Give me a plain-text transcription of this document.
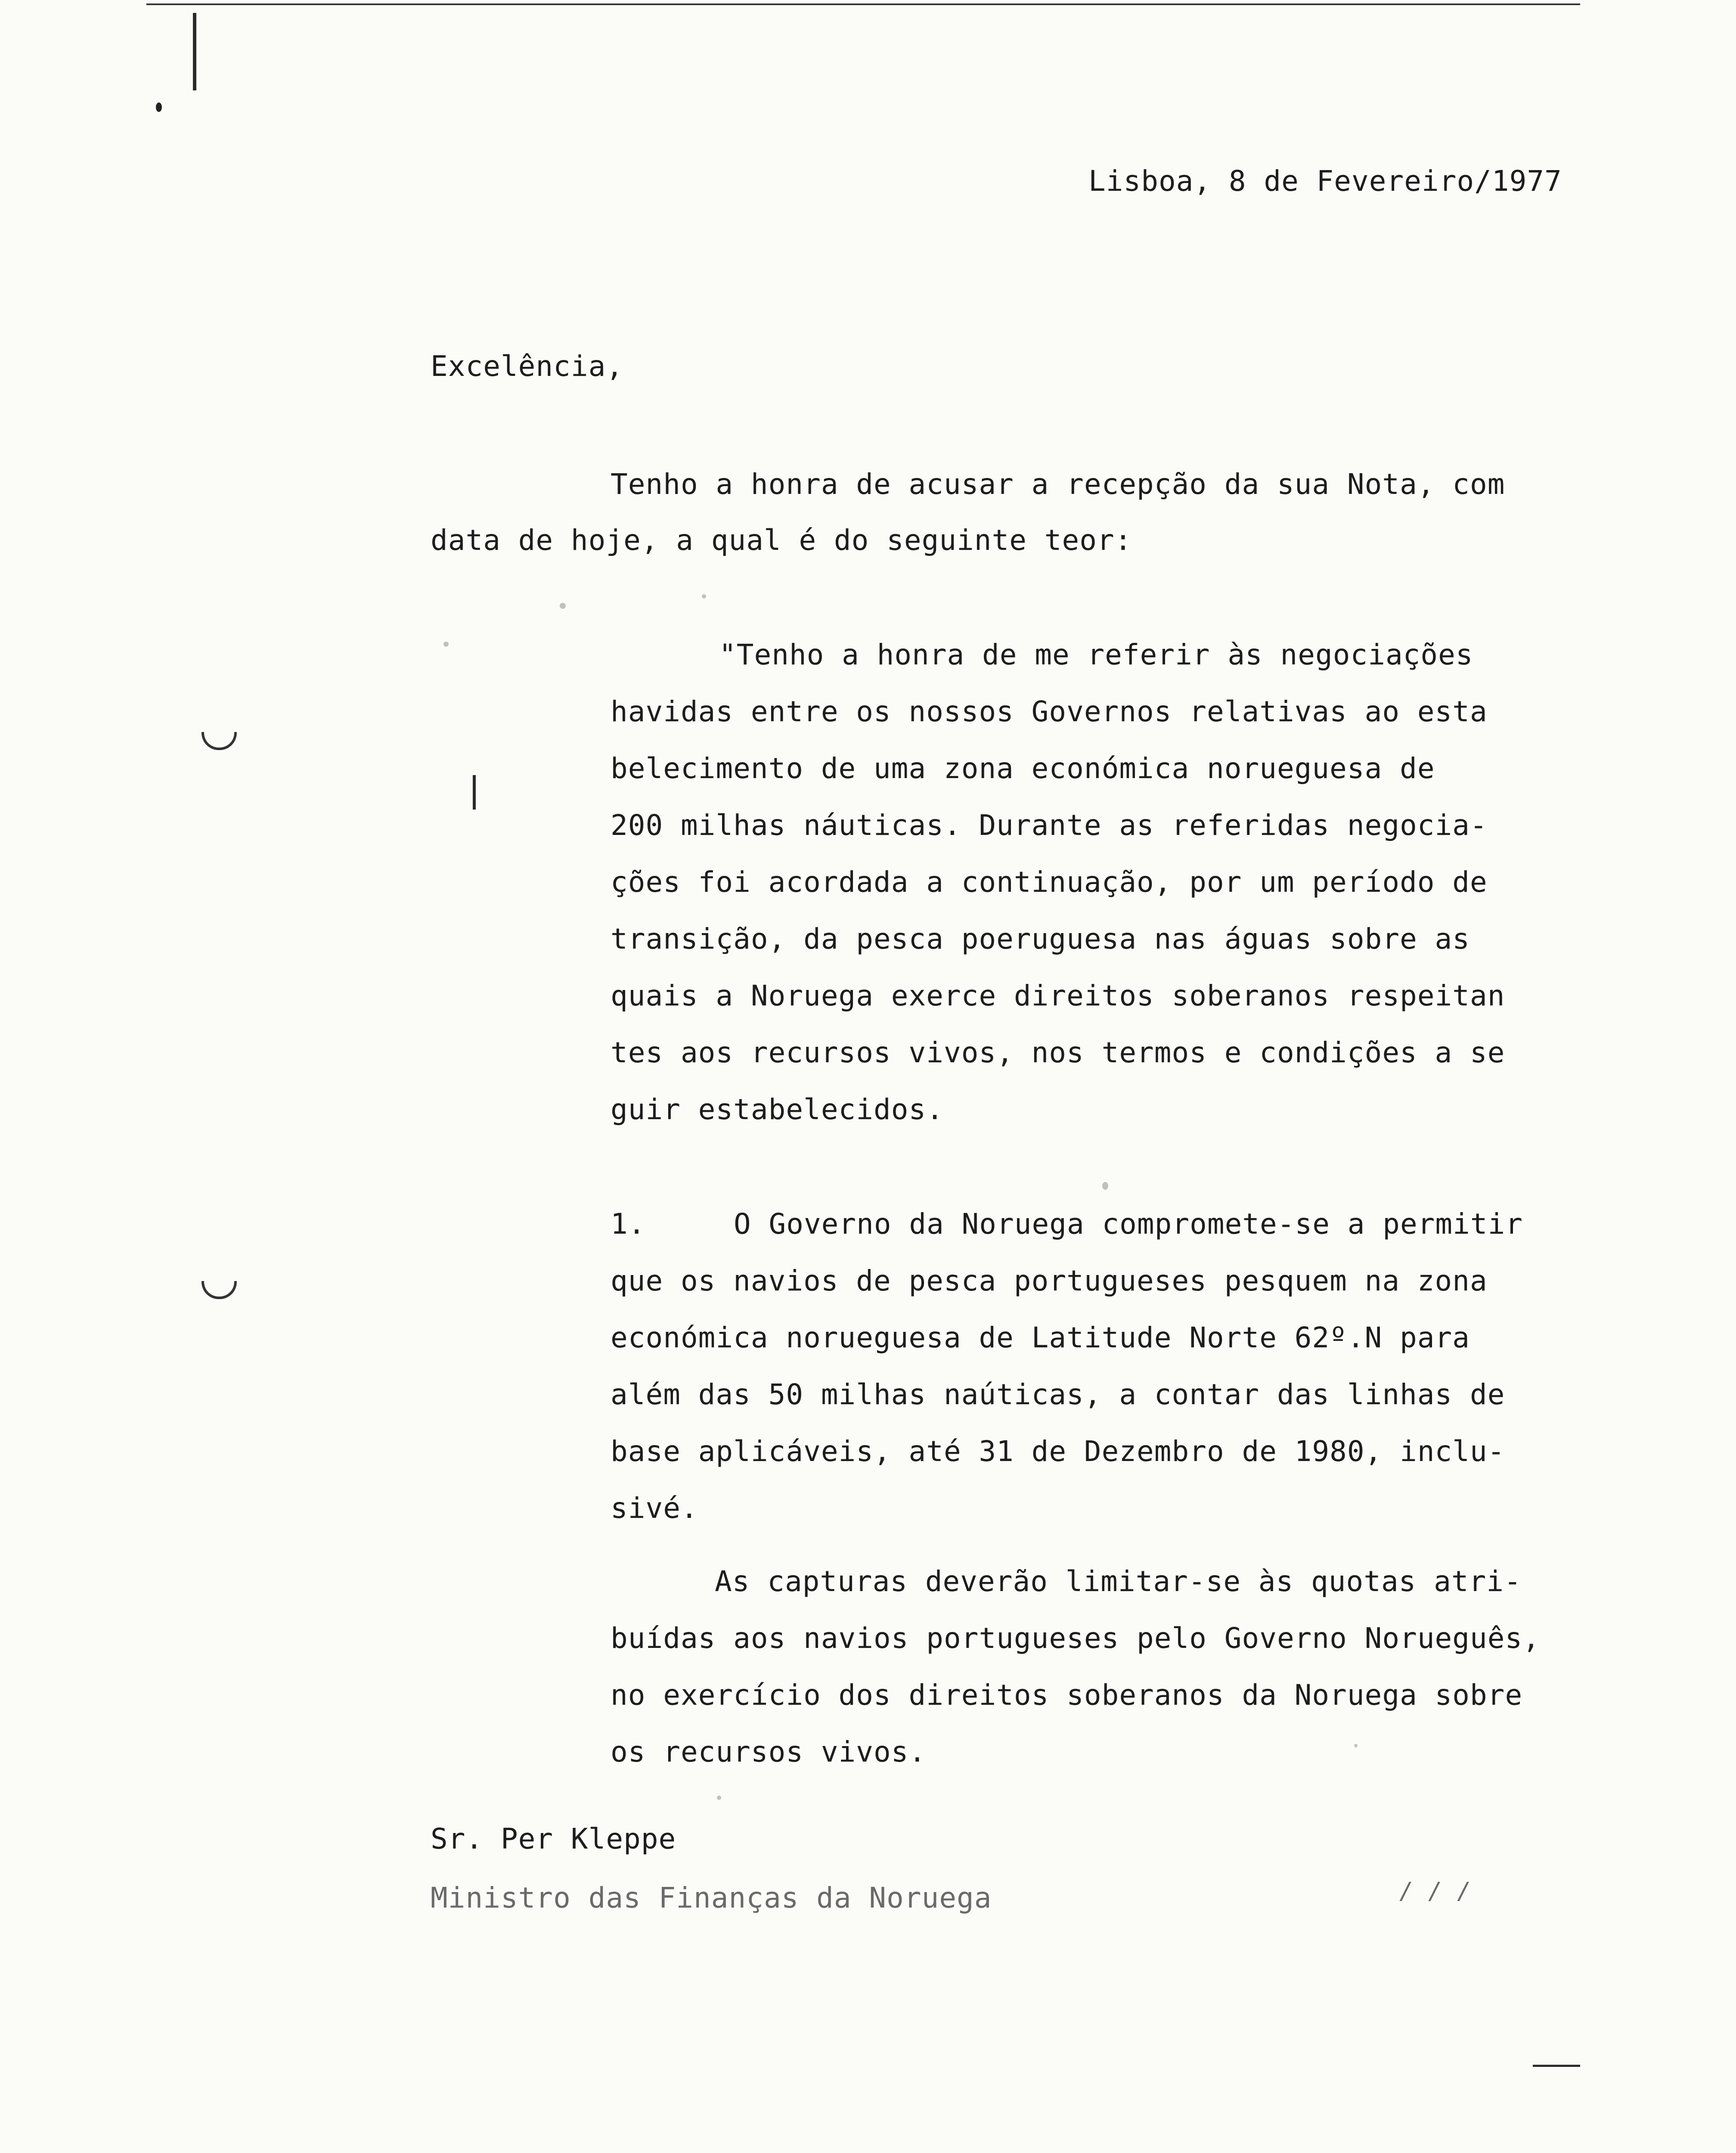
Lisboa, 8 de Fevereiro/1977
Excelência,
Tenho a honra de acusar a recepção da sua Nota, com
data de hoje, a qual é do seguinte teor:
"Tenho a honra de me referir às negociações
havidas entre os nossos Governos relativas ao esta
belecimento de uma zona económica norueguesa de
200 milhas náuticas. Durante as referidas negocia-
ções foi acordada a continuação, por um período de
transição, da pesca poeruguesa nas águas sobre as
quais a Noruega exerce direitos soberanos respeitan
tes aos recursos vivos, nos termos e condições a se
guir estabelecidos.
1.	O Governo da Noruega compromete-se a permitir
que os navios de pesca portugueses pesquem na zona
económica norueguesa de Latitude Norte 62º.N para
além das 50 milhas naúticas, a contar das linhas de
base aplicáveis, até 31 de Dezembro de 1980, inclu-
sivé.
As capturas deverão limitar-se às quotas atri-
buídas aos navios portugueses pelo Governo Norueguês,
no exercício dos direitos soberanos da Noruega sobre
os recursos vivos.
Sr. Per Kleppe
Ministro das Finanças da Noruega	/ / /
